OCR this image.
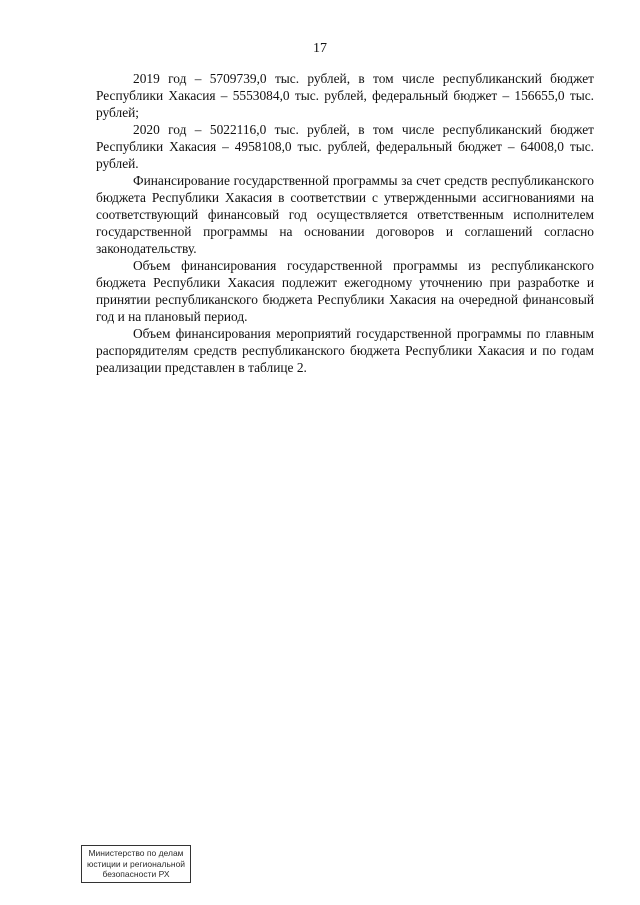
17

2019 год – 5709739,0 тыс. рублей, в том числе республиканский бюджет Республики Хакасия – 5553084,0 тыс. рублей, федеральный бюджет – 156655,0 тыс. рублей;

2020 год – 5022116,0 тыс. рублей, в том числе республиканский бюджет Республики Хакасия – 4958108,0 тыс. рублей, федеральный бюджет – 64008,0 тыс. рублей.

Финансирование государственной программы за счет средств республиканского бюджета Республики Хакасия в соответствии с утвержденными ассигнованиями на соответствующий финансовый год осуществляется ответственным исполнителем государственной программы на основании договоров и соглашений согласно законодательству.

Объем финансирования государственной программы из республиканского бюджета Республики Хакасия подлежит ежегодному уточнению при разработке и принятии республиканского бюджета Республики Хакасия на очередной финансовый год и на плановый период.

Объем финансирования мероприятий государственной программы по главным распорядителям средств республиканского бюджета Республики Хакасия и по годам реализации представлен в таблице 2.

Министерство по делам
юстиции и региональной
безопасности РХ
